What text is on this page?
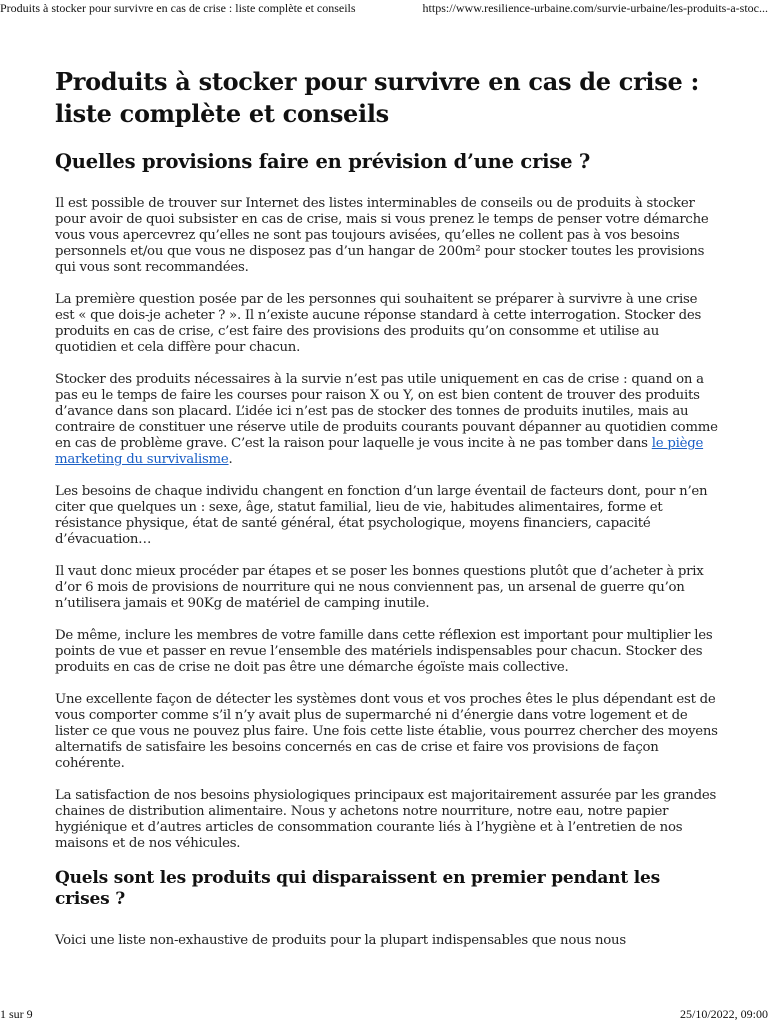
Produits à stocker pour survivre en cas de crise : liste complète et conseils	https://www.resilience-urbaine.com/survie-urbaine/les-produits-a-stoc...
Produits à stocker pour survivre en cas de crise : liste complète et conseils
Quelles provisions faire en prévision d’une crise ?

Il est possible de trouver sur Internet des listes interminables de conseils ou de produits à stocker pour avoir de quoi subsister en cas de crise, mais si vous prenez le temps de penser votre démarche vous vous apercevrez qu’elles ne sont pas toujours avisées, qu’elles ne collent pas à vos besoins personnels et/ou que vous ne disposez pas d’un hangar de 200m² pour stocker toutes les provisions qui vous sont recommandées.

La première question posée par de les personnes qui souhaitent se préparer à survivre à une crise est « que dois-je acheter ? ». Il n’existe aucune réponse standard à cette interrogation. Stocker des produits en cas de crise, c’est faire des provisions des produits qu’on consomme et utilise au quotidien et cela diffère pour chacun.

Stocker des produits nécessaires à la survie n’est pas utile uniquement en cas de crise : quand on a pas eu le temps de faire les courses pour raison X ou Y, on est bien content de trouver des produits d’avance dans son placard. L’idée ici n’est pas de stocker des tonnes de produits inutiles, mais au contraire de constituer une réserve utile de produits courants pouvant dépanner au quotidien comme en cas de problème grave. C’est la raison pour laquelle je vous incite à ne pas tomber dans le piège marketing du survivalisme.

Les besoins de chaque individu changent en fonction d’un large éventail de facteurs dont, pour n’en citer que quelques un : sexe, âge, statut familial, lieu de vie, habitudes alimentaires, forme et résistance physique, état de santé général, état psychologique, moyens financiers, capacité d’évacuation…

Il vaut donc mieux procéder par étapes et se poser les bonnes questions plutôt que d’acheter à prix d’or 6 mois de provisions de nourriture qui ne nous conviennent pas, un arsenal de guerre qu’on n’utilisera jamais et 90Kg de matériel de camping inutile.

De même, inclure les membres de votre famille dans cette réflexion est important pour multiplier les points de vue et passer en revue l’ensemble des matériels indispensables pour chacun. Stocker des produits en cas de crise ne doit pas être une démarche égoïste mais collective.

Une excellente façon de détecter les systèmes dont vous et vos proches êtes le plus dépendant est de vous comporter comme s’il n’y avait plus de supermarché ni d’énergie dans votre logement et de lister ce que vous ne pouvez plus faire. Une fois cette liste établie, vous pourrez chercher des moyens alternatifs de satisfaire les besoins concernés en cas de crise et faire vos provisions de façon cohérente.

La satisfaction de nos besoins physiologiques principaux est majoritairement assurée par les grandes chaines de distribution alimentaire. Nous y achetons notre nourriture, notre eau, notre papier hygiénique et d’autres articles de consommation courante liés à l’hygiène et à l’entretien de nos maisons et de nos véhicules.

Quels sont les produits qui disparaissent en premier pendant les crises ?

Voici une liste non-exhaustive de produits pour la plupart indispensables que nous nous

1 sur 9	25/10/2022, 09:00
